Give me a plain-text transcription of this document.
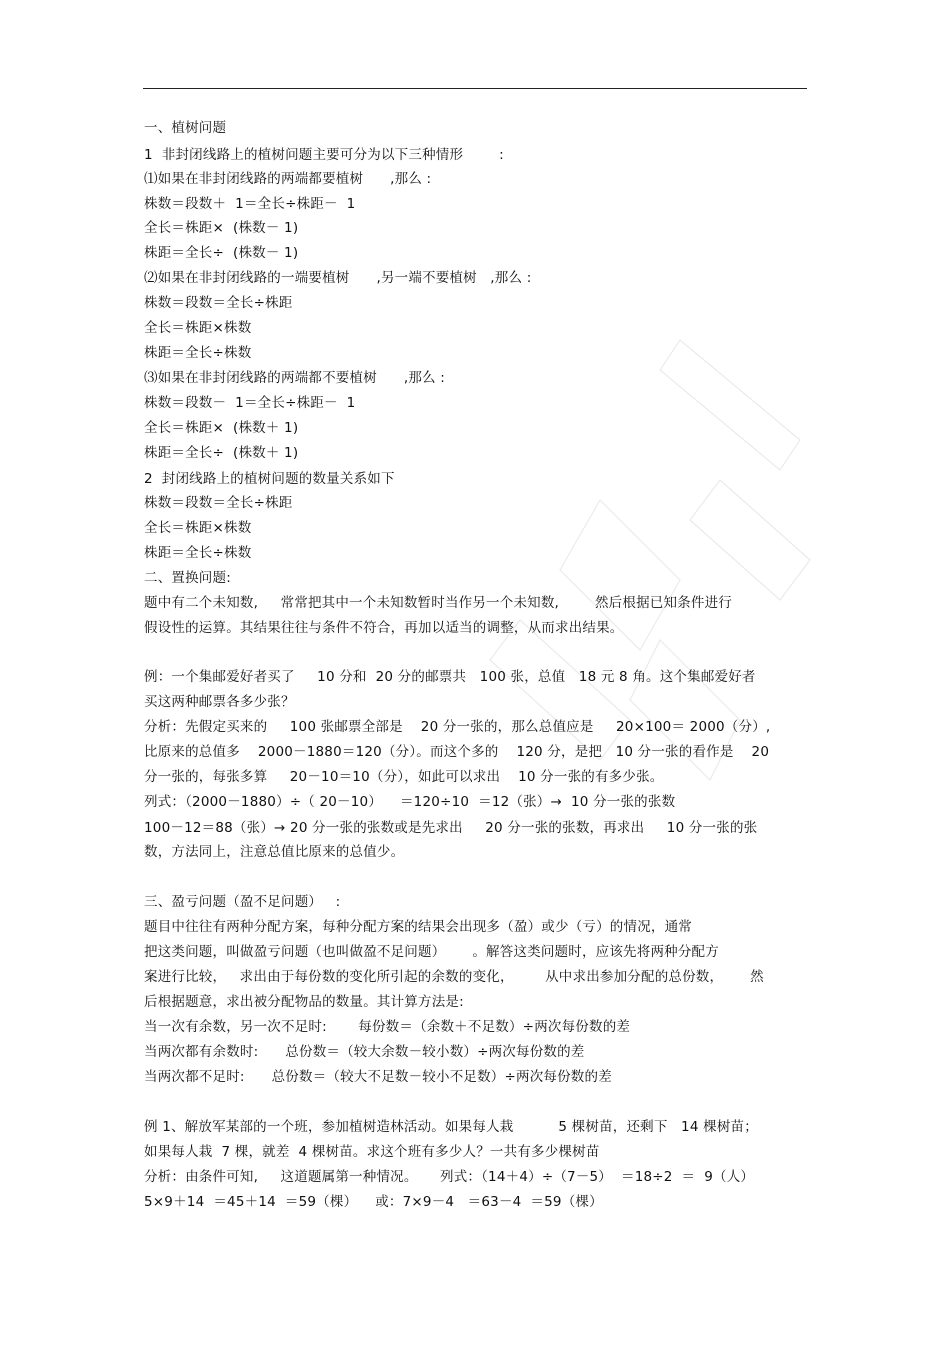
一、植树问题
1  非封闭线路上的植树问题主要可分为以下三种情形        :
⑴如果在非封闭线路的两端都要植树      ,那么 :
株数＝段数＋  1＝全长÷株距－  1
全长＝株距×  (株数－ 1)
株距＝全长÷  (株数－ 1)
⑵如果在非封闭线路的一端要植树      ,另一端不要植树   ,那么 :
株数＝段数＝全长÷株距
全长＝株距×株数
株距＝全长÷株数
⑶如果在非封闭线路的两端都不要植树      ,那么 :
株数＝段数－  1＝全长÷株距－  1
全长＝株距×  (株数＋ 1)
株距＝全长÷  (株数＋ 1)
2  封闭线路上的植树问题的数量关系如下
株数＝段数＝全长÷株距
全长＝株距×株数
株距＝全长÷株数
二、置换问题:
题中有二个未知数,     常常把其中一个未知数暂时当作另一个未知数,        然后根据已知条件进行
假设性的运算。其结果往往与条件不符合，再加以适当的调整，从而求出结果。
例：一个集邮爱好者买了     10 分和  20 分的邮票共   100 张，总值   18 元 8 角。这个集邮爱好者
买这两种邮票各多少张？
分析：先假定买来的     100 张邮票全部是    20 分一张的，那么总值应是     20×100＝ 2000（分）,
比原来的总值多    2000－1880＝120（分）。而这个多的    120 分，是把   10 分一张的看作是    20
分一张的，每张多算     20－10＝10（分），如此可以求出    10 分一张的有多少张。
列式：（2000－1880）÷（ 20－10）    ＝120÷10  ＝12（张）→  10 分一张的张数
100－12＝88（张）→ 20 分一张的张数或是先求出     20 分一张的张数，再求出     10 分一张的张
数，方法同上，注意总值比原来的总值少。
三、盈亏问题（盈不足问题）   :
题目中往往有两种分配方案，每种分配方案的结果会出现多（盈）或少（亏）的情况，通常
把这类问题，叫做盈亏问题（也叫做盈不足问题）      。解答这类问题时，应该先将两种分配方
案进行比较，   求出由于每份数的变化所引起的余数的变化，       从中求出参加分配的总份数，      然
后根据题意，求出被分配物品的数量。其计算方法是:
当一次有余数，另一次不足时:       每份数＝（余数＋不足数）÷两次每份数的差
当两次都有余数时:      总份数＝（较大余数－较小数）÷两次每份数的差
当两次都不足时:      总份数＝（较大不足数－较小不足数）÷两次每份数的差
例 1、解放军某部的一个班，参加植树造林活动。如果每人栽          5 棵树苗，还剩下   14 棵树苗；
如果每人栽  7 棵，就差  4 棵树苗。求这个班有多少人？一共有多少棵树苗
分析：由条件可知,     这道题属第一种情况。     列式：（14＋4）÷（7－5）  ＝18÷2  ＝  9（人）
5×9＋14  ＝45＋14  ＝59（棵）    或：7×9－4   ＝63－4  ＝59（棵）
